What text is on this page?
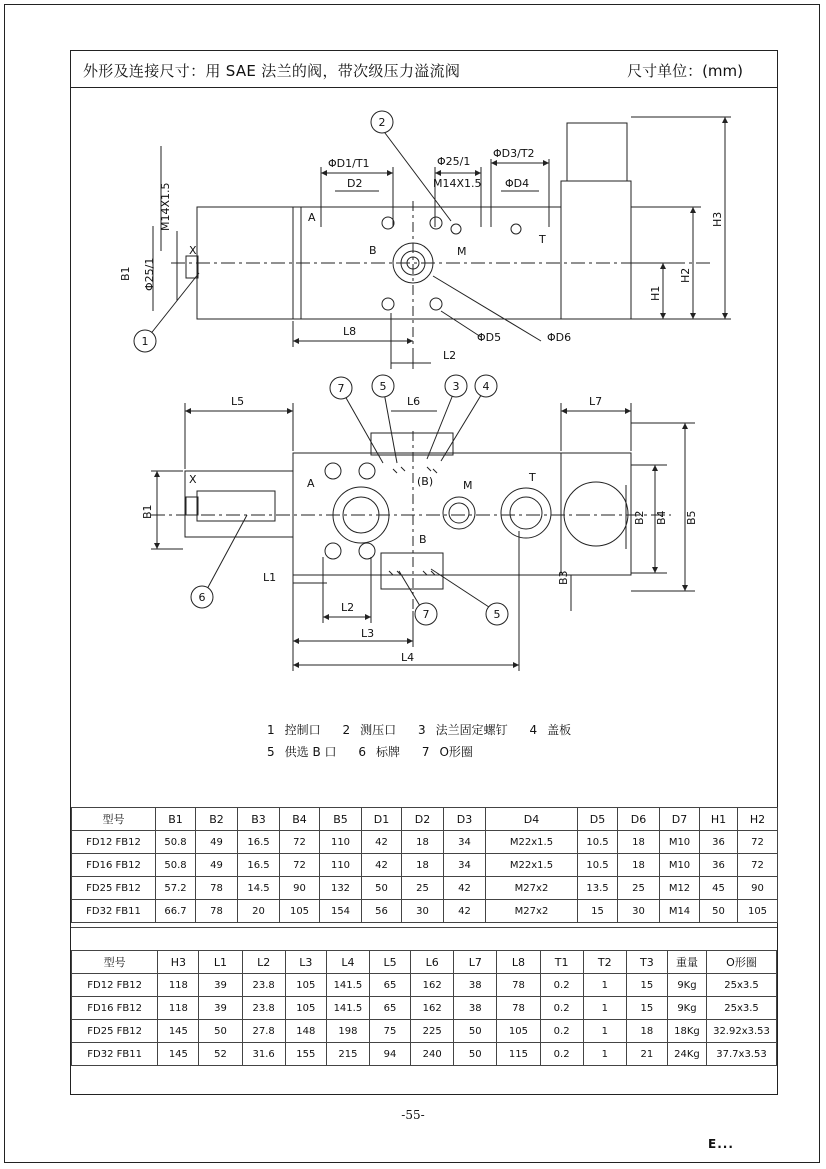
外形及连接尺寸：用 SAE 法兰的阀，带次级压力溢流阀	尺寸单位：(mm)
1
2
7	5	3 4
6
7	5
M14X1.5
B1 Φ25/1
X
ΦD1/T1
D2
A
B
Φ25/1
M14X1.5
M
ΦD3/T2
ΦD4
T
H3
H2
H1
L8	ΦD5	ΦD6
L2
L5	L6
(B)
L7
X	A	M
T
B1	B2 B4 B5
B
B3
L1
L2
L3
L4
1 控制口 2 测压口 3 法兰固定螺钉 4 盖板
5 供选 B 口 6 标牌 7 O形圈
型号	B1	B2	B3	B4	B5	D1	D2	D3	D4	D5	D6	D7	H1	H2
FD12 FB12	50.8	49	16.5	72	110	42	18	34	M22x1.5	10.5	18	M10	36	72
FD16 FB12	50.8	49	16.5	72	110	42	18	34	M22x1.5	10.5	18	M10	36	72
FD25 FB12	57.2	78	14.5	90	132	50	25	42	M27x2	13.5	25	M12	45	90
FD32 FB11	66.7	78	20	105	154	56	30	42	M27x2	15	30	M14	50	105
型号	H3	L1	L2	L3	L4	L5	L6	L7	L8	T1	T2	T3	重量	O形圈
FD12 FB12	118	39	23.8	105	141.5	65	162	38	78	0.2	1	15	9Kg	25x3.5
FD16 FB12	118	39	23.8	105	141.5	65	162	38	78	0.2	1	15	9Kg	25x3.5
FD25 FB12	145	50	27.8	148	198	75	225	50	105	0.2	1	18	18Kg	32.92x3.53
FD32 FB11	145	52	31.6	155	215	94	240	50	115	0.2	1	21	24Kg	37.7x3.53
-55-
E...
